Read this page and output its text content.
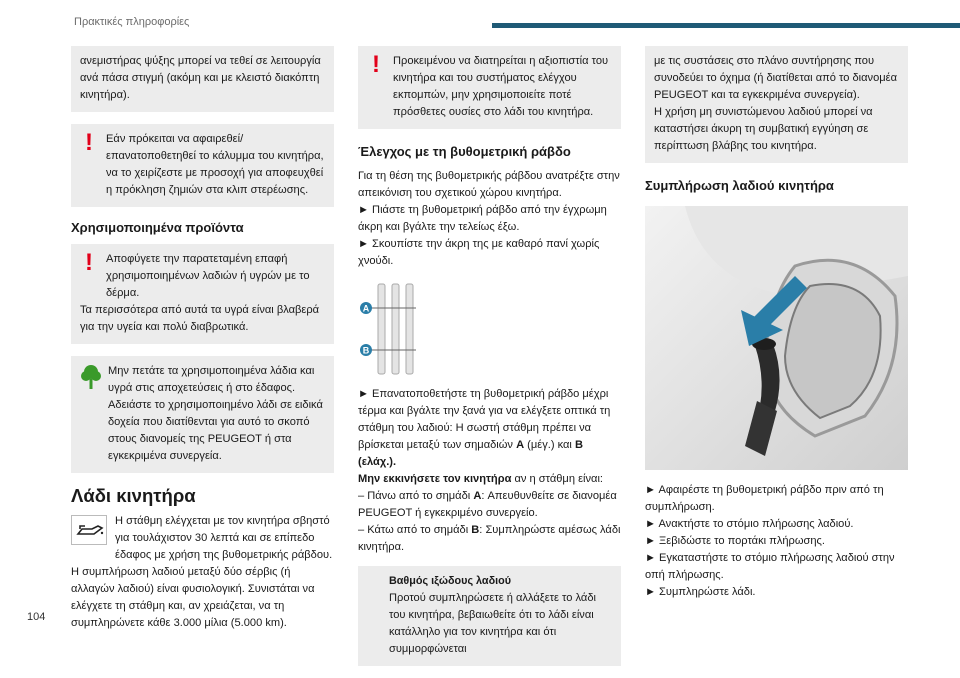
Πρακτικές πληροφορίες

ανεμιστήρας ψύξης μπορεί να τεθεί σε λειτουργία ανά πάσα στιγμή (ακόμη και με κλειστό διακόπτη κινητήρα).

!	Εάν πρόκειται να αφαιρεθεί/ επανατοποθετηθεί το κάλυμμα του κινητήρα, να το χειρίζεστε με προσοχή για αποφευχθεί η πρόκληση ζημιών στα κλιπ στερέωσης.

Χρησιμοποιημένα προϊόντα
!	Αποφύγετε την παρατεταμένη επαφή χρησιμοποιημένων λαδιών ή υγρών με το δέρμα.

Τα περισσότερα από αυτά τα υγρά είναι βλαβερά για την υγεία και πολύ διαβρωτικά.

Μην πετάτε τα χρησιμοποιημένα λάδια και υγρά στις αποχετεύσεις ή στο έδαφος. Αδειάστε το χρησιμοποιημένο λάδι σε ειδικά δοχεία που διατίθενται για αυτό το σκοπό στους διανομείς της PEUGEOT ή στα εγκεκριμένα συνεργεία.

Λάδι κινητήρα

Η στάθμη ελέγχεται με τον κινητήρα σβηστό για τουλάχιστον 30 λεπτά και σε επίπεδο έδαφος με χρήση της βυθομετρικής ράβδου.

Η συμπλήρωση λαδιού μεταξύ δύο σέρβις (ή αλλαγών λαδιού) είναι φυσιολογική. Συνιστάται να ελέγχετε τη στάθμη και, αν χρειάζεται, να τη συμπληρώνετε κάθε 3.000 μίλια (5.000 km).

!	Προκειμένου να διατηρείται η αξιοπιστία του κινητήρα και του συστήματος ελέγχου εκπομπών, μην χρησιμοποιείτε ποτέ πρόσθετες ουσίες στο λάδι του κινητήρα.

Έλεγχος με τη βυθομετρική ράβδο

Για τη θέση της βυθομετρικής ράβδου ανατρέξτε στην απεικόνιση του σχετικού χώρου κινητήρα.

► Πιάστε τη βυθομετρική ράβδο από την έγχρωμη άκρη και βγάλτε την τελείως έξω.

► Σκουπίστε την άκρη της με καθαρό πανί χωρίς χνούδι.

A
B

► Επανατοποθετήστε τη βυθομετρική ράβδο μέχρι τέρμα και βγάλτε την ξανά για να ελέγξετε οπτικά τη στάθμη του λαδιού: Η σωστή στάθμη πρέπει να βρίσκεται μεταξύ των σημαδιών A (μέγ.) και B (ελάχ.).

Μην εκκινήσετε τον κινητήρα αν η στάθμη είναι:

– Πάνω από το σημάδι A: Απευθυνθείτε σε διανομέα PEUGEOT ή εγκεκριμένο συνεργείο.

– Κάτω από το σημάδι B: Συμπληρώστε αμέσως λάδι κινητήρα.

Βαθμός ιξώδους λαδιού

Προτού συμπληρώσετε ή αλλάξετε το λάδι του κινητήρα, βεβαιωθείτε ότι το λάδι είναι κατάλληλο για τον κινητήρα και ότι συμμορφώνεται

με τις συστάσεις στο πλάνο συντήρησης που συνοδεύει το όχημα (ή διατίθεται από το διανομέα PEUGEOT και τα εγκεκριμένα συνεργεία).

Η χρήση μη συνιστώμενου λαδιού μπορεί να καταστήσει άκυρη τη συμβατική εγγύηση σε περίπτωση βλάβης του κινητήρα.

Συμπλήρωση λαδιού κινητήρα

► Αφαιρέστε τη βυθομετρική ράβδο πριν από τη συμπλήρωση.

► Ανακτήστε το στόμιο πλήρωσης λαδιού.

► Ξεβιδώστε το πορτάκι πλήρωσης.

► Εγκαταστήστε το στόμιο πλήρωσης λαδιού στην οπή πλήρωσης.

► Συμπληρώστε λάδι.

104
